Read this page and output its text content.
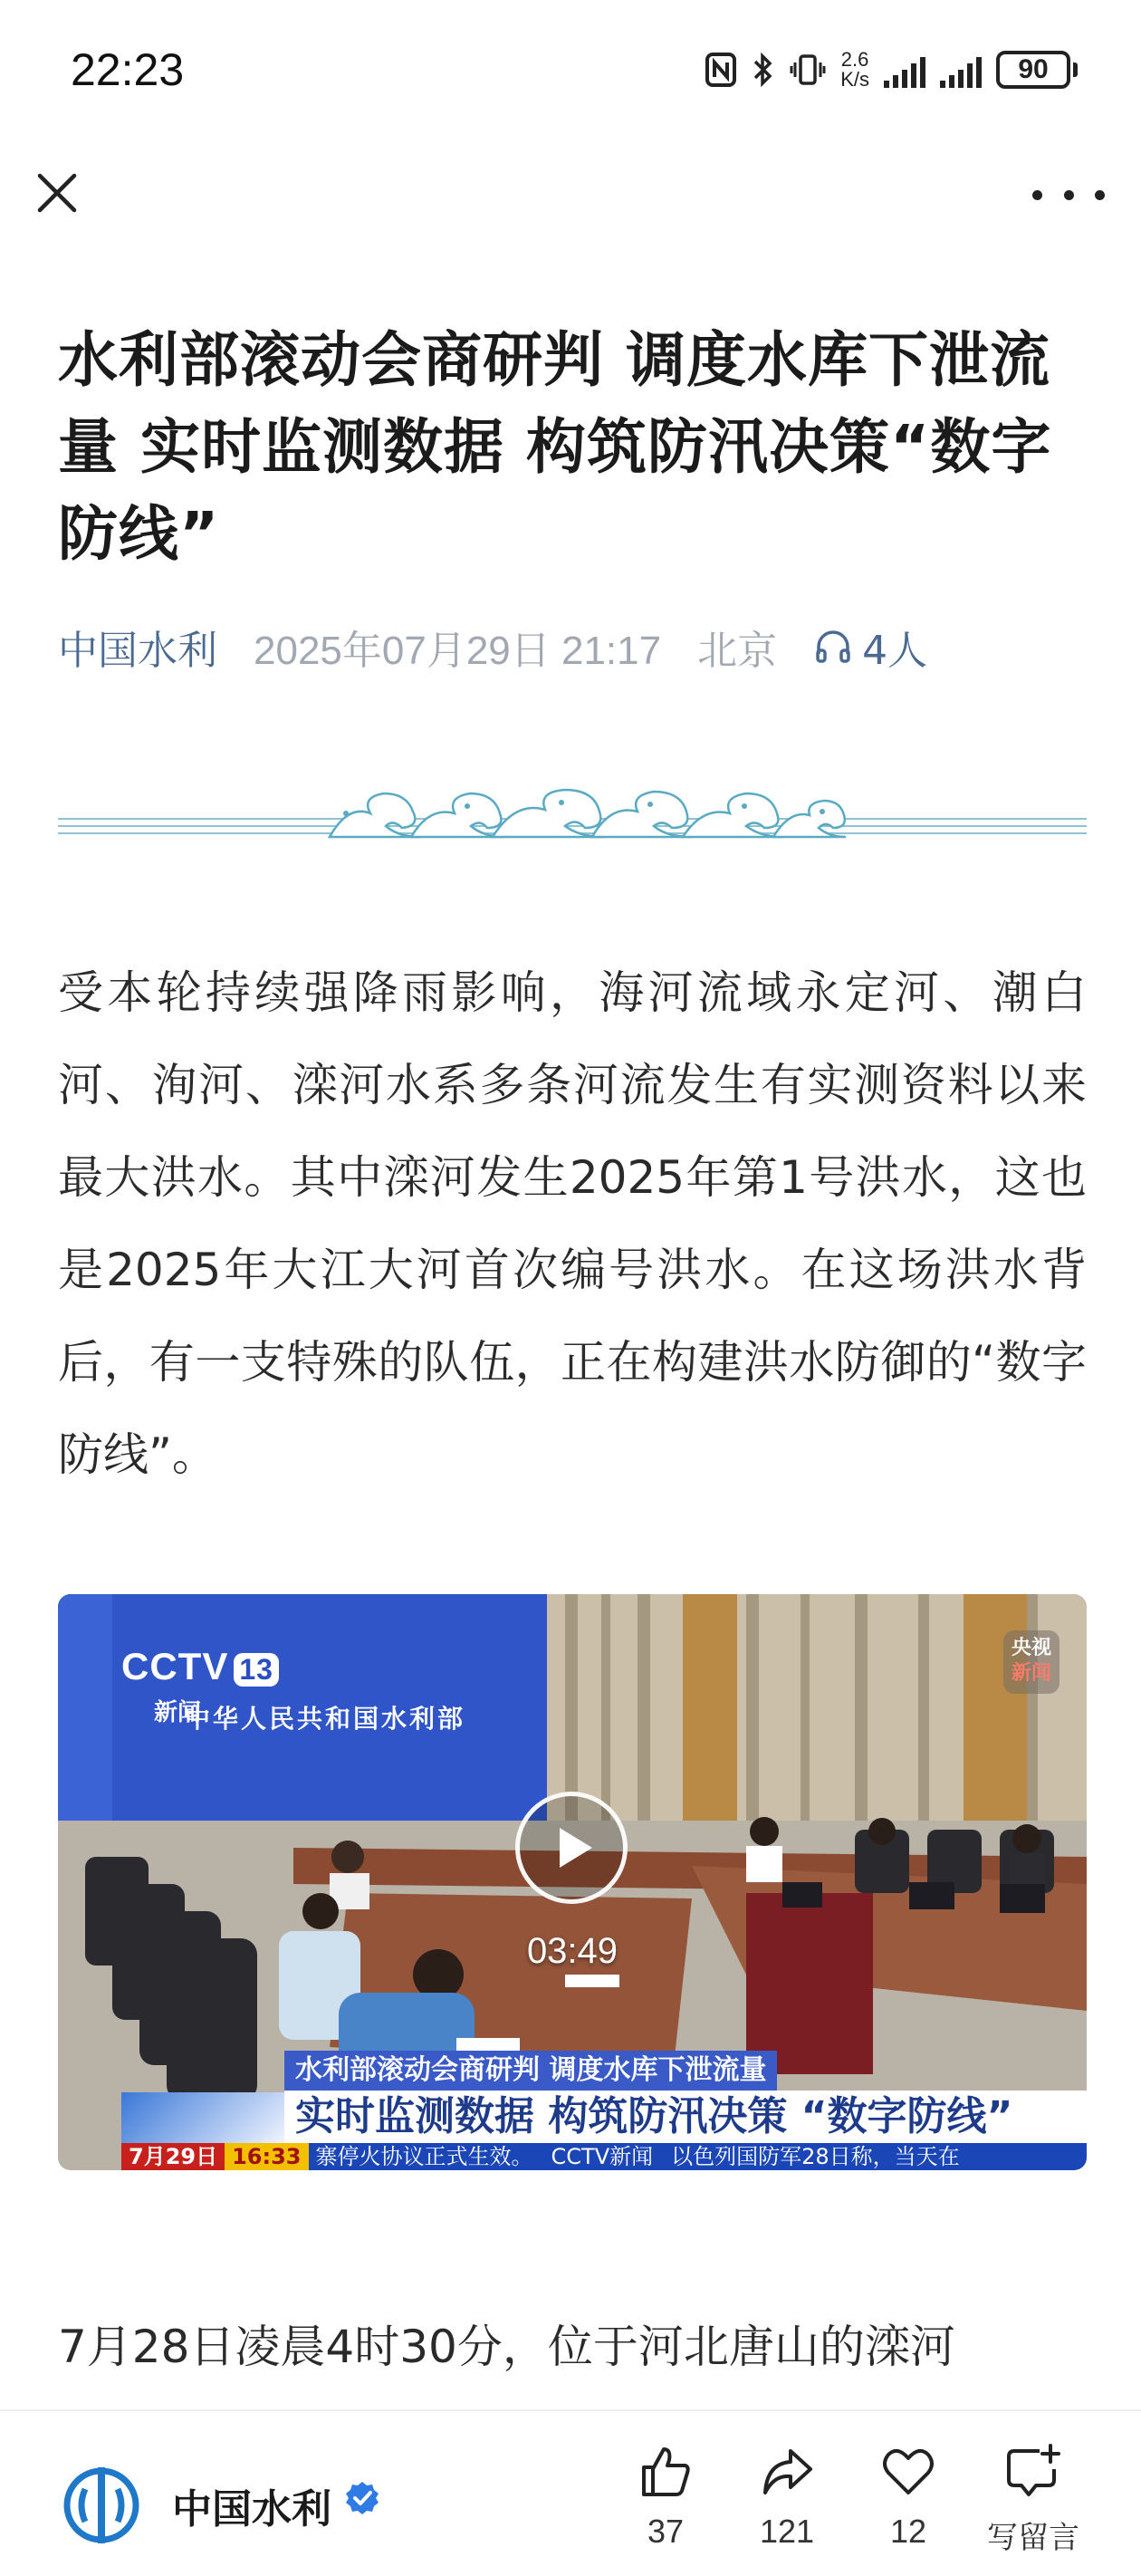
22:23	2.6
K/s	90
水利部滚动会商研判 调度水库下泄流量 实时监测数据 构筑防汛决策“数字防线”
中国水利 2025年07月29日 21:17 北京 4人

受本轮持续强降雨影响，海河流域永定河、潮白河、洵河、滦河水系多条河流发生有实测资料以来最大洪水。其中滦河发生2025年第1号洪水，这也是2025年大江大河首次编号洪水。在这场洪水背后，有一支特殊的队伍，正在构建洪水防御的“数字防线”。

CCTV 13
新闻
中华人民共和国水利部
央视
新闻
03:49
水利部滚动会商研判 调度水库下泄流量
实时监测数据 构筑防汛决策 “数字防线”
7月29日 16:33 寨停火协议正式生效。 CCTV新闻 以色列国防军28日称，当天在

7月28日凌晨4时30分，位于河北唐山的滦河

中国水利	37 121 12 写留言
